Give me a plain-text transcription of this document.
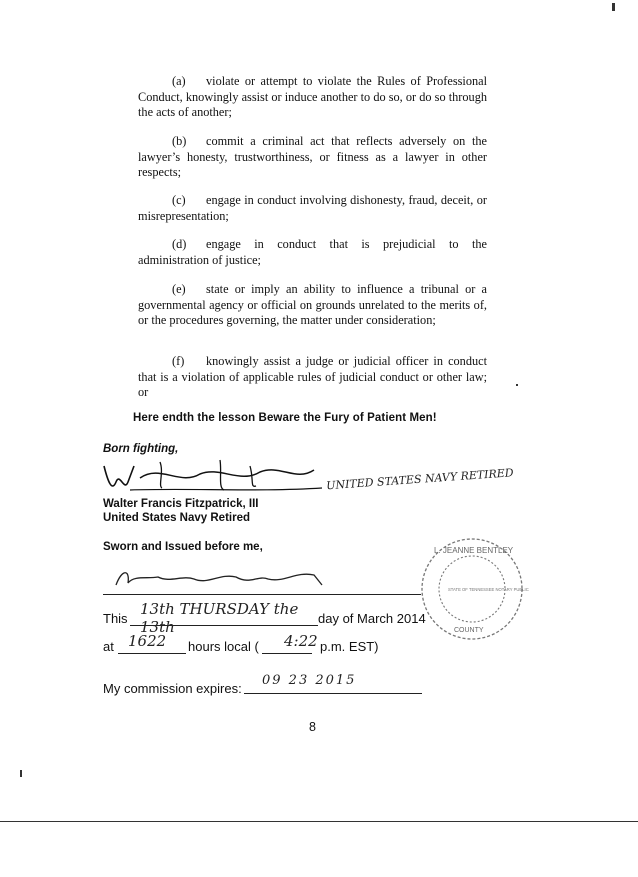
(a) violate or attempt to violate the Rules of Professional Conduct, knowingly assist or induce another to do so, or do so through the acts of another;
(b) commit a criminal act that reflects adversely on the lawyer’s honesty, trustworthiness, or fitness as a lawyer in other respects;
(c) engage in conduct involving dishonesty, fraud, deceit, or misrepresentation;
(d) engage in conduct that is prejudicial to the administration of justice;
(e) state or imply an ability to influence a tribunal or a governmental agency or official on grounds unrelated to the merits of, or the procedures governing, the matter under consideration;
(f) knowingly assist a judge or judicial officer in conduct that is a violation of applicable rules of judicial conduct or other law; or
Here endth the lesson Beware the Fury of Patient Men!
Born fighting,
UNITED STATES NAVY RETIRED
Walter Francis Fitzpatrick, III
United States Navy Retired
Sworn and Issued before me,	L. JEANNE BENTLEY
STATE OF TENNESSEE NOTARY PUBLIC
COUNTY
This
13th THURSDAY the 13th	day of March 2014
at 1622 hours local ( 4:22 p.m. EST)
My commission expires:
09 23 2015
8
